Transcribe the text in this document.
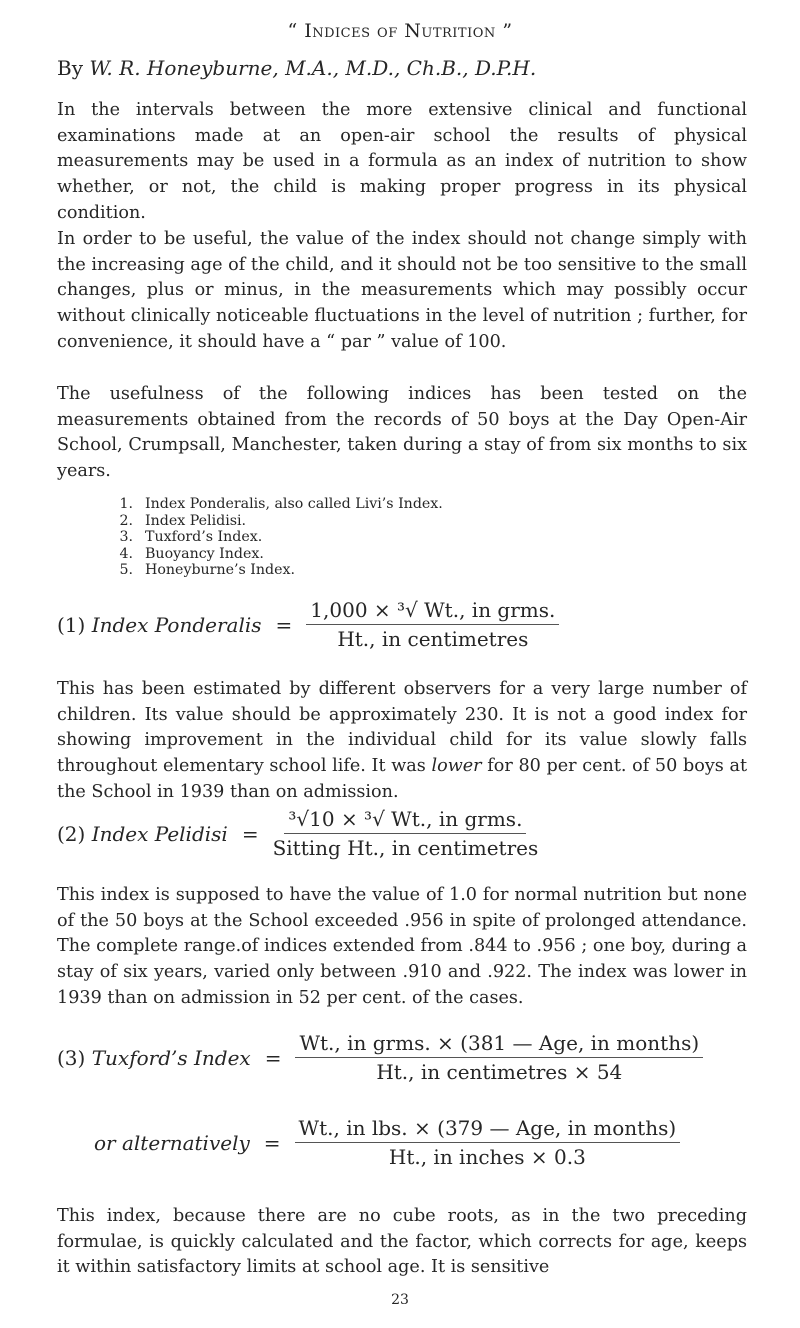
“ Indices of Nutrition ”
By W. R. Honeyburne, M.A., M.D., Ch.B., D.P.H.

In the intervals between the more extensive clinical and functional examinations made at an open-air school the results of physical measurements may be used in a formula as an index of nutrition to show whether, or not, the child is making proper progress in its physical condition.

In order to be useful, the value of the index should not change simply with the increasing age of the child, and it should not be too sensitive to the small changes, plus or minus, in the measurements which may possibly occur without clinically noticeable fluctuations in the level of nutrition ; further, for convenience, it should have a “ par ” value of 100.

The usefulness of the following indices has been tested on the measurements obtained from the records of 50 boys at the Day Open-Air School, Crumpsall, Manchester, taken during a stay of from six months to six years.

1. Index Ponderalis, also called Livi’s Index.
2. Index Pelidisi.
3. Tuxford’s Index.
4. Buoyancy Index.
5. Honeyburne’s Index.
(1) Index Ponderalis = $\frac{\text{1,000 × ³√ Wt., in grms.}}{\text{Ht., in centimetres}}$

This has been estimated by different observers for a very large number of children. Its value should be approximately 230. It is not a good index for showing improvement in the individual child for its value slowly falls throughout elementary school life. It was lower for 80 per cent. of 50 boys at the School in 1939 than on admission.

(2) Index Pelidisi = $\frac{\text{³√10 × ³√ Wt., in grms.}}{\text{Sitting Ht., in centimetres}}$

This index is supposed to have the value of 1.0 for normal nutrition but none of the 50 boys at the School exceeded .956 in spite of prolonged attendance. The complete range.of indices extended from .844 to .956 ; one boy, during a stay of six years, varied only between .910 and .922. The index was lower in 1939 than on admission in 52 per cent. of the cases.

(3) Tuxford’s Index = $\frac{\text{Wt., in grms. × (381 — Age, in months)}}{\text{Ht., in centimetres × 54}}$
or alternatively = $\frac{\text{Wt., in lbs. × (379 — Age, in months)}}{\text{Ht., in inches × 0.3}}$

This index, because there are no cube roots, as in the two preceding formulae, is quickly calculated and the factor, which corrects for age, keeps it within satisfactory limits at school age. It is sensitive

23
